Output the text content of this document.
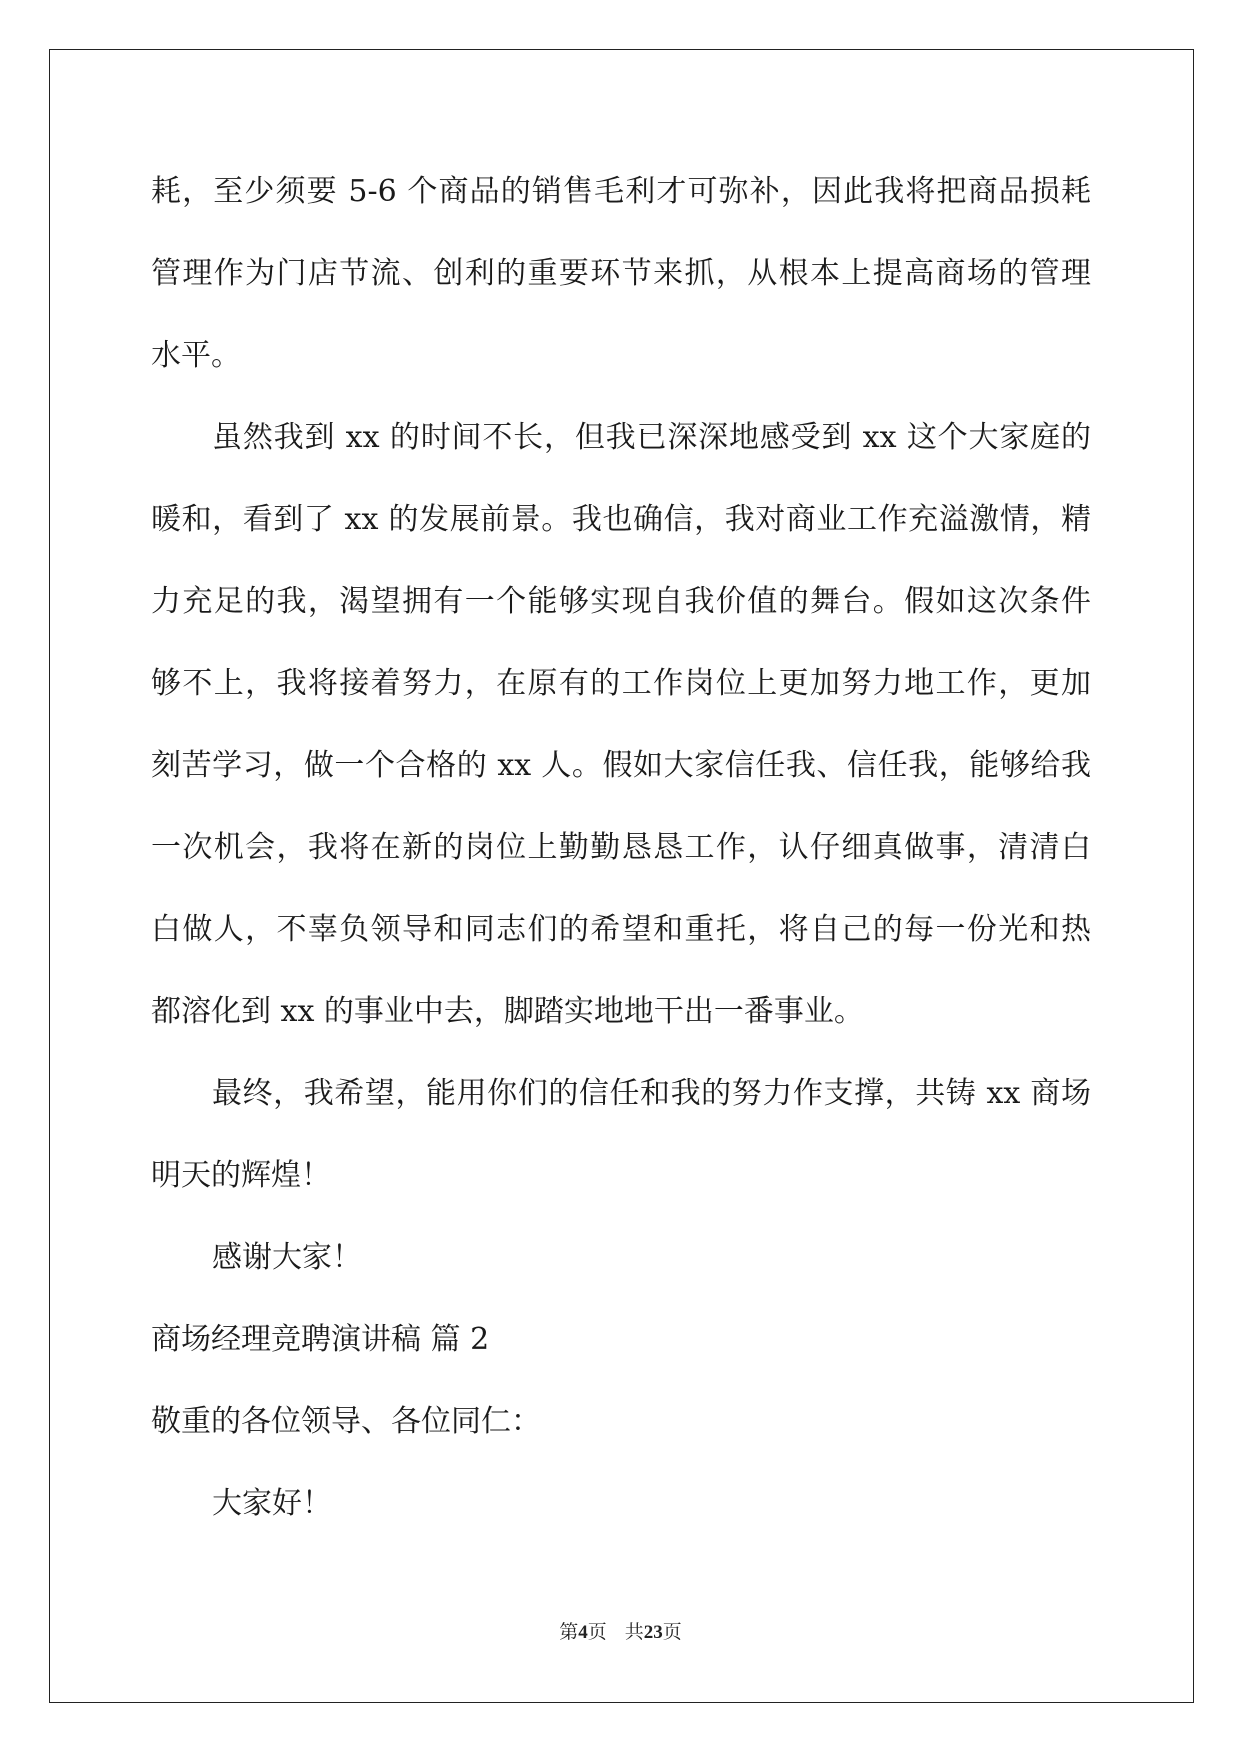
耗，至少须要 5-6 个商品的销售毛利才可弥补，因此我将把商品损耗
管理作为门店节流、创利的重要环节来抓，从根本上提高商场的管理
水平。
虽然我到 xx 的时间不长，但我已深深地感受到 xx 这个大家庭的
暖和，看到了 xx 的发展前景。我也确信，我对商业工作充溢激情，精
力充足的我，渴望拥有一个能够实现自我价值的舞台。假如这次条件
够不上，我将接着努力，在原有的工作岗位上更加努力地工作，更加
刻苦学习，做一个合格的 xx 人。假如大家信任我、信任我，能够给我
一次机会，我将在新的岗位上勤勤恳恳工作，认仔细真做事，清清白
白做人，不辜负领导和同志们的希望和重托，将自己的每一份光和热
都溶化到 xx 的事业中去，脚踏实地地干出一番事业。
最终，我希望，能用你们的信任和我的努力作支撑，共铸 xx 商场
明天的辉煌！
感谢大家！
商场经理竞聘演讲稿 篇 2
敬重的各位领导、各位同仁：
大家好！
第4页 共23页
